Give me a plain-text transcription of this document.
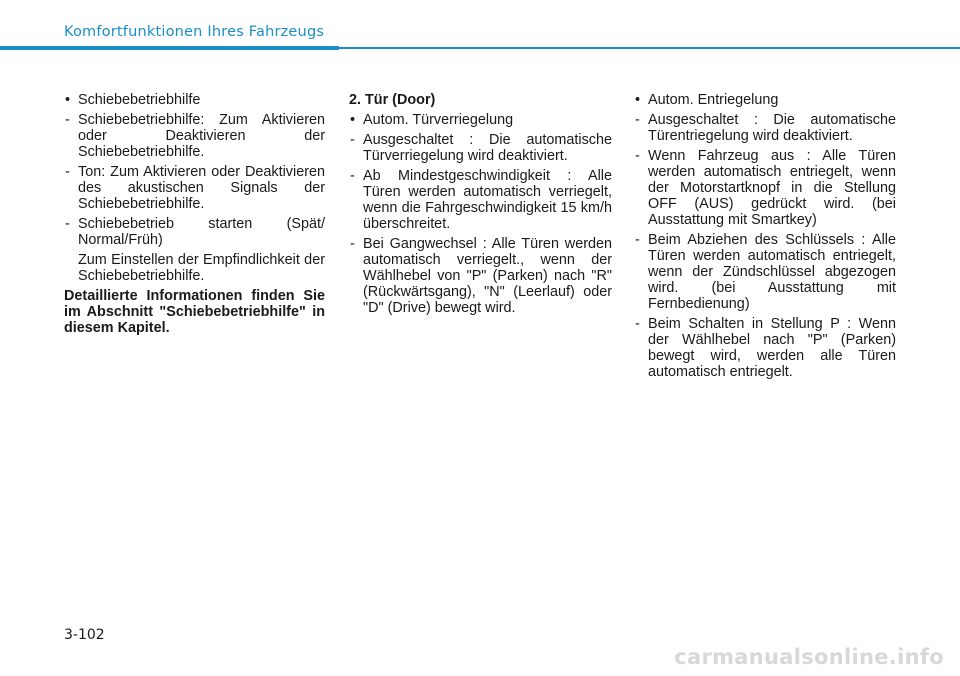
Komfortfunktionen Ihres Fahrzeugs

• Schiebebetriebhilfe

- Schiebebetriebhilfe: Zum Aktivieren oder Deaktivieren der Schiebebetriebhilfe.

- Ton: Zum Aktivieren oder Deaktivieren des akustischen Signals der Schiebebetriebhilfe.

- Schiebebetrieb starten (Spät/ Normal/Früh)

Zum Einstellen der Empfindlichkeit der Schiebebetriebhilfe.

Detaillierte Informationen finden Sie im Abschnitt "Schiebebetriebhilfe" in diesem Kapitel.

2. Tür (Door)

• Autom. Türverriegelung

- Ausgeschaltet : Die automatische Türverriegelung wird deaktiviert.

- Ab Mindestgeschwindigkeit : Alle Türen werden automatisch verriegelt, wenn die Fahrgeschwindigkeit 15 km/h überschreitet.

- Bei Gangwechsel : Alle Türen werden automatisch verriegelt., wenn der Wählhebel von "P" (Parken) nach "R" (Rückwärtsgang), "N" (Leerlauf) oder "D" (Drive) bewegt wird.

• Autom. Entriegelung

- Ausgeschaltet : Die automatische Türentriegelung wird deaktiviert.

- Wenn Fahrzeug aus : Alle Türen werden automatisch entriegelt, wenn der Motorstartknopf in die Stellung OFF (AUS) gedrückt wird. (bei Ausstattung mit Smartkey)

- Beim Abziehen des Schlüssels : Alle Türen werden automatisch entriegelt, wenn der Zündschlüssel abgezogen wird. (bei Ausstattung mit Fernbedienung)

- Beim Schalten in Stellung P : Wenn der Wählhebel nach "P" (Parken) bewegt wird, werden alle Türen automatisch entriegelt.

3-102
carmanualsonline.info
